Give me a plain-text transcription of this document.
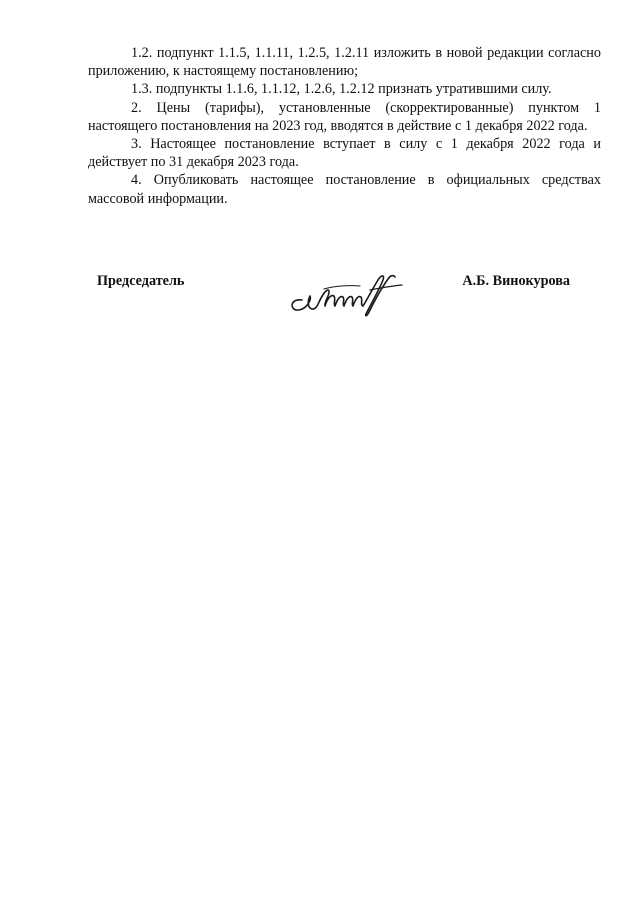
1.2. подпункт 1.1.5, 1.1.11, 1.2.5, 1.2.11 изложить в новой редакции согласно приложению, к настоящему постановлению;

1.3. подпункты 1.1.6, 1.1.12, 1.2.6, 1.2.12 признать утратившими силу.

2. Цены (тарифы), установленные (скорректированные) пунктом 1 настоящего постановления на 2023 год, вводятся в действие с 1 декабря 2022 года.

3. Настоящее постановление вступает в силу с 1 декабря 2022 года и действует по 31 декабря 2023 года.

4. Опубликовать настоящее постановление в официальных средствах массовой информации.

Председатель	А.Б. Винокурова
